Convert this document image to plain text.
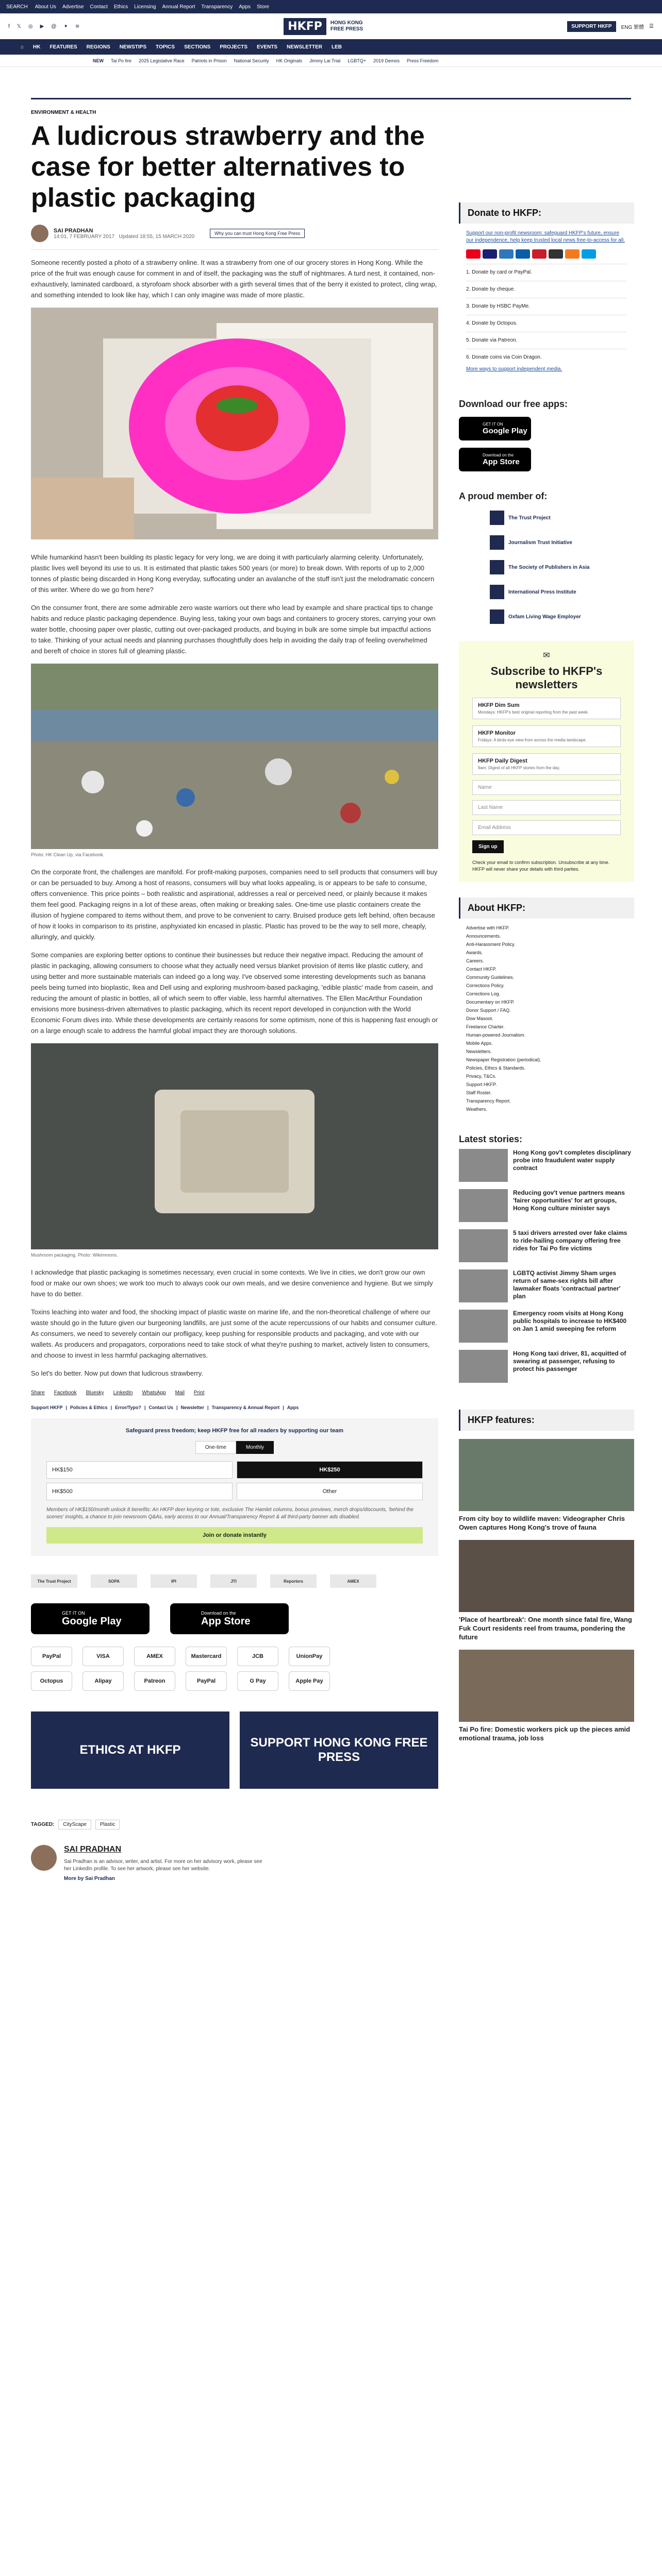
SEARCH About Us Advertise Contact Ethics Licensing Annual Report Transparency Apps Store
f 𝕏 ◎ ▶ @ ✦ ≋	HKFP	HONG KONG
FREE PRESS	SUPPORT HKFP	ENG 繁體 ☰
⌂ HK FEATURES REGIONS NEWSTIPS TOPICS SECTIONS PROJECTS EVENTS NEWSLETTER LEB
NEW Tai Po fire 2025 Legislative Race Patriots in Prison National Security HK Originals Jimmy Lai Trial LGBTQ+ 2019 Demos Press Freedom
ENVIRONMENT & HEALTH
A ludicrous strawberry and the case for better alternatives to plastic packaging
SAI PRADHAN
14:01, 7 FEBRUARY 2017 Updated 18:55, 15 MARCH 2020
Why you can trust Hong Kong Free Press

Someone recently posted a photo of a strawberry online. It was a strawberry from one of our grocery stores in Hong Kong. While the price of the fruit was enough cause for comment in and of itself, the packaging was the stuff of nightmares. A turd nest, it contained, non-exhaustively, laminated cardboard, a styrofoam shock absorber with a girth several times that of the berry it existed to protect, cling wrap, and something intended to look like hay, which I can only imagine was made of more plastic.

While humankind hasn't been building its plastic legacy for very long, we are doing it with particularly alarming celerity. Unfortunately, plastic lives well beyond its use to us. It is estimated that plastic takes 500 years (or more) to break down. With reports of up to 2,000 tonnes of plastic being discarded in Hong Kong everyday, suffocating under an avalanche of the stuff isn't just the melodramatic concern of this writer. Where do we go from here?

On the consumer front, there are some admirable zero waste warriors out there who lead by example and share practical tips to change habits and reduce plastic packaging dependence. Buying less, taking your own bags and containers to grocery stores, carrying your own water bottle, choosing paper over plastic, cutting out over-packaged products, and buying in bulk are some simple but impactful actions to take. Thinking of your actual needs and planning purchases thoughtfully does help in avoiding the daily trap of feeling overwhelmed and bereft of choice in stores full of gleaming plastic.

Photo: HK Clean Up, via Facebook.

On the corporate front, the challenges are manifold. For profit-making purposes, companies need to sell products that consumers will buy or can be persuaded to buy. Among a host of reasons, consumers will buy what looks appealing, is or appears to be safe to consume, offers convenience. This price points – both realistic and aspirational, addresses a real or perceived need, or plainly because it makes them feel good. Packaging reigns in a lot of these areas, often making or breaking sales. One-time use plastic containers create the illusion of hygiene compared to items without them, and prove to be convenient to carry. Bruised produce gets left behind, often because of how it looks in comparison to its pristine, asphyxiated kin encased in plastic. Plastic has proved to be the way to sell more, cheaply, alluringly, and quickly.

Some companies are exploring better options to continue their businesses but reduce their negative impact. Reducing the amount of plastic in packaging, allowing consumers to choose what they actually need versus blanket provision of items like plastic cutlery, and using better and more sustainable materials can indeed go a long way. I've observed some interesting developments such as banana peels being turned into bioplastic, Ikea and Dell using and exploring mushroom-based packaging, 'edible plastic' made from casein, and reducing the amount of plastic in bottles, all of which seem to offer viable, less harmful alternatives. The Ellen MacArthur Foundation envisions more business-driven alternatives to plastic packaging, which its recent report developed in conjunction with the World Economic Forum dives into. While these developments are certainly reasons for some optimism, none of this is happening fast enough or on a large enough scale to address the harmful global impact they are thorough solutions.

Mushroom packaging. Photo: Wikimmons.

I acknowledge that plastic packaging is sometimes necessary, even crucial in some contexts. We live in cities, we don't grow our own food or make our own shoes; we work too much to always cook our own meals, and we desire convenience and hygiene. But we simply have to do better.

Toxins leaching into water and food, the shocking impact of plastic waste on marine life, and the non-theoretical challenge of where our waste should go in the future given our burgeoning landfills, are just some of the acute repercussions of our habits and consumer culture. As consumers, we need to severely contain our profligacy, keep pushing for responsible products and packaging, and vote with our wallets. As producers and propagators, corporations need to take stock of what they're pushing to market, actively listen to consumers, and choose to invest in less harmful packaging alternatives.

So let's do better. Now put down that ludicrous strawberry.

Share Facebook Bluesky LinkedIn WhatsApp Mail Print
Support HKFP | Policies & Ethics | Error/Typo? | Contact Us | Newsletter | Transparency & Annual Report | Apps
Safeguard press freedom; keep HKFP free for all readers by supporting our team
One-time	Monthly
HK$150	HK$250
HK$500	Other
Members of HK$150/month unlock 8 benefits: An HKFP deer keyring or tote, exclusive The Hamlet columns, bonus previews, merch drops/discounts, 'behind the scenes' insights, a chance to join newsroom Q&As, early access to our Annual/Transparency Report & all third-party banner ads disabled.
Join or donate instantly
The Trust Project	SOPA	IPI	JTI	Reporters	AMEX
GET IT ON
Google Play
Download on the
App Store
PayPal	VISA	AMEX	Mastercard	JCB	UnionPay
Octopus	Alipay	Patreon	PayPal	G Pay	Apple Pay
ETHICS AT HKFP
SUPPORT HONG KONG FREE PRESS
TAGGED:	CityScape	Plastic
SAI PRADHAN
Sai Pradhan is an advisor, writer, and artist. For more on her advisory work, please see her LinkedIn profile. To see her artwork, please see her website.
More by Sai Pradhan
Donate to HKFP:
Support our non-profit newsroom: safeguard HKFP's future, ensure our independence, help keep trusted local news free-to-access for all.
1. Donate by card or PayPal.
2. Donate by cheque.
3. Donate by HSBC PayMe.
4. Donate by Octopus.
5. Donate via Patreon.
6. Donate coins via Coin Dragon.
More ways to support independent media.
Download our free apps:
GET IT ON
Google Play
Download on the
App Store
A proud member of:
The Trust Project
Journalism Trust Initiative
The Society of Publishers in Asia
International Press Institute
Oxfam Living Wage Employer
✉
Subscribe to HKFP's newsletters
HKFP Dim Sum
Mondays: HKFP's best original reporting from the past week.
HKFP Monitor
Fridays: A birds-eye view from across the media landscape.
HKFP Daily Digest
9am: Digest of all HKFP stories from the day.
Name
Last Name
Email Address
Sign up
Check your email to confirm subscription. Unsubscribe at any time. HKFP will never share your details with third parties.
About HKFP:
Advertise with HKFP.
Announcements.
Anti-Harassment Policy.
Awards.
Careers.
Contact HKFP.
Community Guidelines.
Corrections Policy.
Corrections Log.
Documentary on HKFP.
Donor Support / FAQ.
Dow Masoot.
Freelance Charter.
Human-powered Journalism.
Mobile Apps.
Newsletters.
Newspaper Registration (periodical).
Policies, Ethics & Standards.
Privacy, T&Cs.
Support HKFP.
Staff Roster.
Transparency Report.
Weathers.
Latest stories:
Hong Kong gov't completes disciplinary probe into fraudulent water supply contract
Reducing gov't venue partners means 'fairer opportunities' for art groups, Hong Kong culture minister says
5 taxi drivers arrested over fake claims to ride-hailing company offering free rides for Tai Po fire victims
LGBTQ activist Jimmy Sham urges return of same-sex rights bill after lawmaker floats 'contractual partner' plan
Emergency room visits at Hong Kong public hospitals to increase to HK$400 on Jan 1 amid sweeping fee reform
Hong Kong taxi driver, 81, acquitted of swearing at passenger, refusing to protect his passenger
HKFP features:
From city boy to wildlife maven: Videographer Chris Owen captures Hong Kong's trove of fauna
'Place of heartbreak': One month since fatal fire, Wang Fuk Court residents reel from trauma, pondering the future
Tai Po fire: Domestic workers pick up the pieces amid emotional trauma, job loss
